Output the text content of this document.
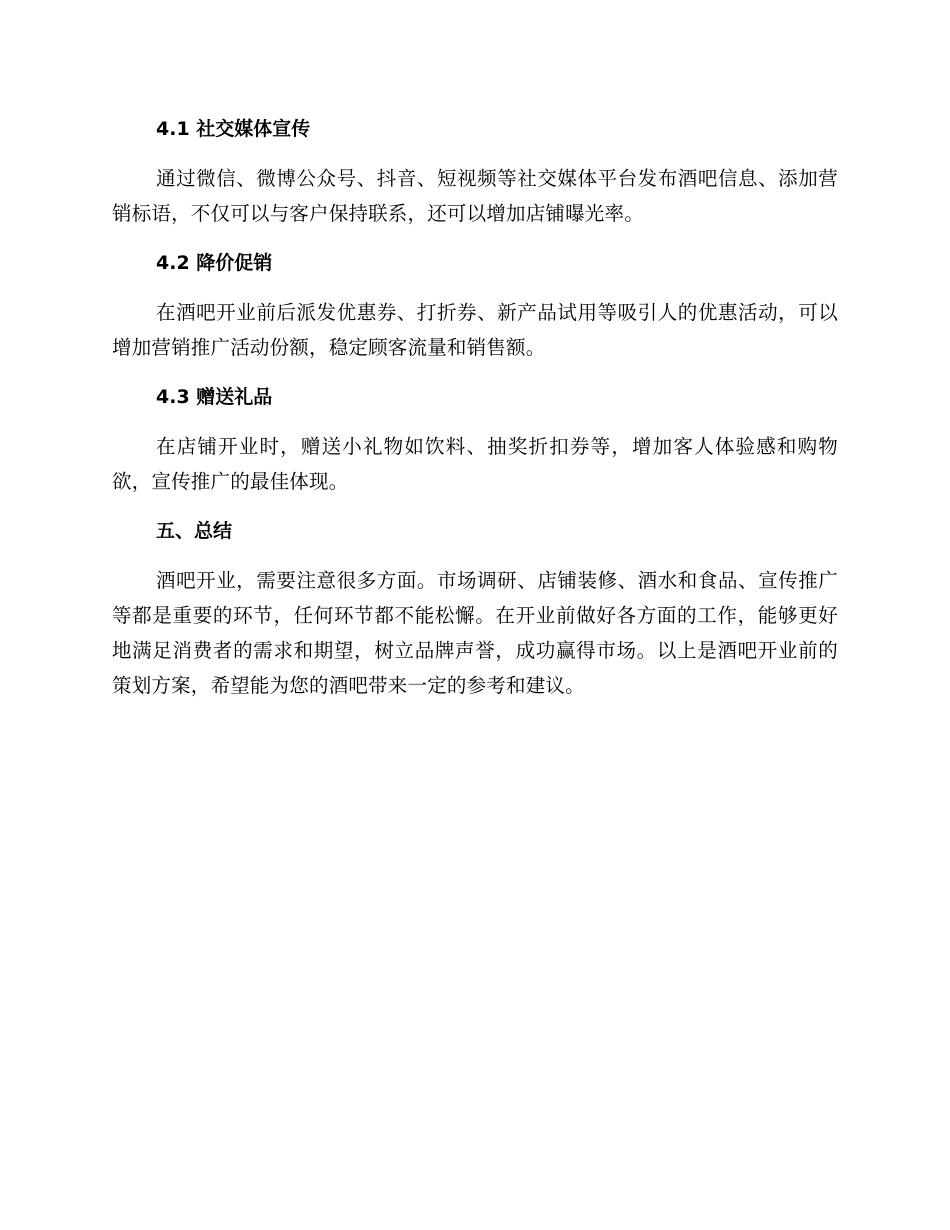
4.1 社交媒体宣传

通过微信、微博公众号、抖音、短视频等社交媒体平台发布酒吧信息、添加营销标语，不仅可以与客户保持联系，还可以增加店铺曝光率。

4.2 降价促销

在酒吧开业前后派发优惠券、打折券、新产品试用等吸引人的优惠活动，可以增加营销推广活动份额，稳定顾客流量和销售额。

4.3 赠送礼品

在店铺开业时，赠送小礼物如饮料、抽奖折扣券等，增加客人体验感和购物欲，宣传推广的最佳体现。

五、总结

酒吧开业，需要注意很多方面。市场调研、店铺装修、酒水和食品、宣传推广等都是重要的环节，任何环节都不能松懈。在开业前做好各方面的工作，能够更好地满足消费者的需求和期望，树立品牌声誉，成功赢得市场。以上是酒吧开业前的策划方案，希望能为您的酒吧带来一定的参考和建议。
